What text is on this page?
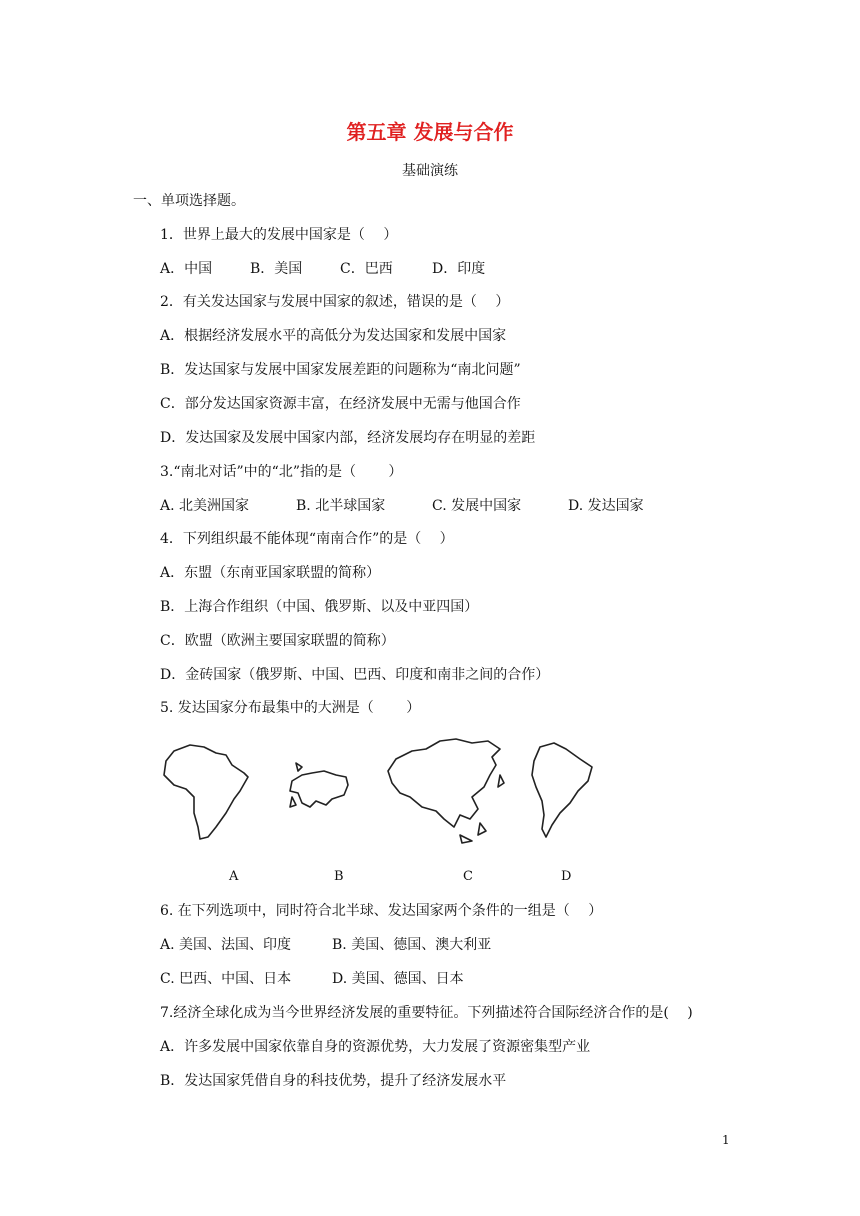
第五章 发展与合作
基础演练
一、单项选择题。
1．世界上最大的发展中国家是（　 ）
A．中国	B．美国	C．巴西	D．印度
2．有关发达国家与发展中国家的叙述，错误的是（　 ）
A．根据经济发展水平的高低分为发达国家和发展中国家
B．发达国家与发展中国家发展差距的问题称为“南北问题”
C．部分发达国家资源丰富，在经济发展中无需与他国合作
D．发达国家及发展中国家内部，经济发展均存在明显的差距
3.“南北对话”中的“北”指的是（　　 ）
A. 北美洲国家	B. 北半球国家	C. 发展中国家	D. 发达国家
4．下列组织最不能体现“南南合作”的是（　 ）
A．东盟（东南亚国家联盟的简称）
B．上海合作组织（中国、俄罗斯、以及中亚四国）
C．欧盟（欧洲主要国家联盟的简称）
D．金砖国家（俄罗斯、中国、巴西、印度和南非之间的合作）
5. 发达国家分布最集中的大洲是（　　 ）
A	B	C	D
6. 在下列选项中，同时符合北半球、发达国家两个条件的一组是（　 ）
A. 美国、法国、印度	B. 美国、德国、澳大利亚
C. 巴西、中国、日本	D. 美国、德国、日本
7.经济全球化成为当今世界经济发展的重要特征。下列描述符合国际经济合作的是(　 )
A．许多发展中国家依靠自身的资源优势，大力发展了资源密集型产业
B．发达国家凭借自身的科技优势，提升了经济发展水平
1
